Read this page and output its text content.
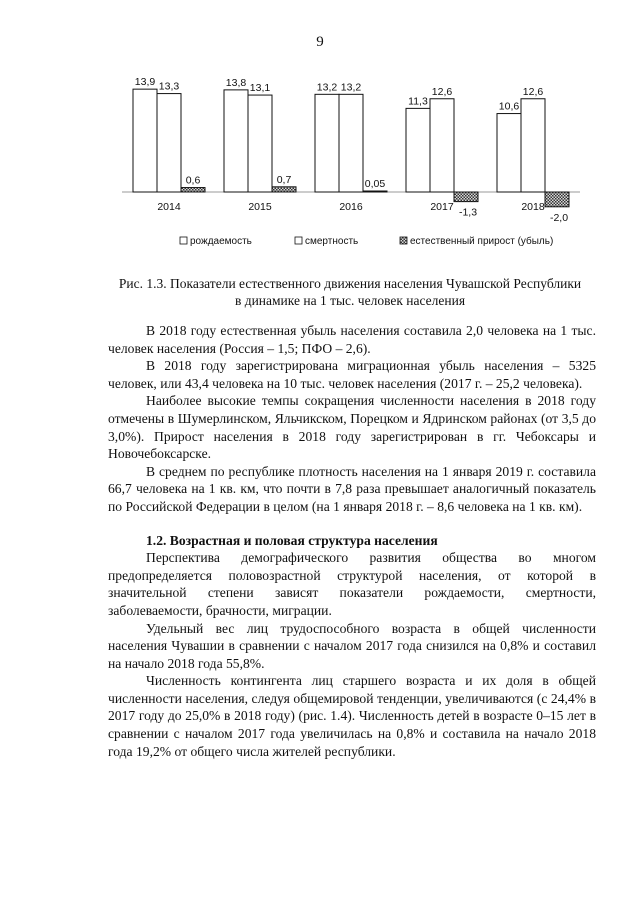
9
13,9 13,3
0,6
2014
13,8 13,1
0,7
2015
13,2 13,2
0,05
2016
11,3
12,6
-1,3
2017
10,6
12,6
-2,0
2018
рождаемость	смертность	естественный прирост (убыль)
Рис. 1.3. Показатели естественного движения населения Чувашской Республики
в динамике на 1 тыс. человек населения

В 2018 году естественная убыль населения составила 2,0 человека на 1 тыс. человек населения (Россия – 1,5; ПФО – 2,6).

В 2018 году зарегистрирована миграционная убыль населения – 5325 человек, или 43,4 человека на 10 тыс. человек населения (2017 г. – 25,2 человека).

Наиболее высокие темпы сокращения численности населения в 2018 году отмечены в Шумерлинском, Яльчикском, Порецком и Ядринском районах (от 3,5 до 3,0%). Прирост населения в 2018 году зарегистрирован в гг. Чебоксары и Новочебоксарске.

В среднем по республике плотность населения на 1 января 2019 г. составила 66,7 человека на 1 кв. км, что почти в 7,8 раза превышает аналогичный показатель по Российской Федерации в целом (на 1 января 2018 г. – 8,6 человека на 1 кв. км).

1.2. Возрастная и половая структура населения

Перспектива демографического развития общества во многом предопределяется половозрастной структурой населения, от которой в значительной степени зависят показатели рождаемости, смертности, заболеваемости, брачности, миграции.

Удельный вес лиц трудоспособного возраста в общей численности населения Чувашии в сравнении с началом 2017 года снизился на 0,8% и составил на начало 2018 года 55,8%.

Численность контингента лиц старшего возраста и их доля в общей численности населения, следуя общемировой тенденции, увеличиваются (с 24,4% в 2017 году до 25,0% в 2018 году) (рис. 1.4). Численность детей в возрасте 0–15 лет в сравнении с началом 2017 года увеличилась на 0,8% и составила на начало 2018 года 19,2% от общего числа жителей республики.
